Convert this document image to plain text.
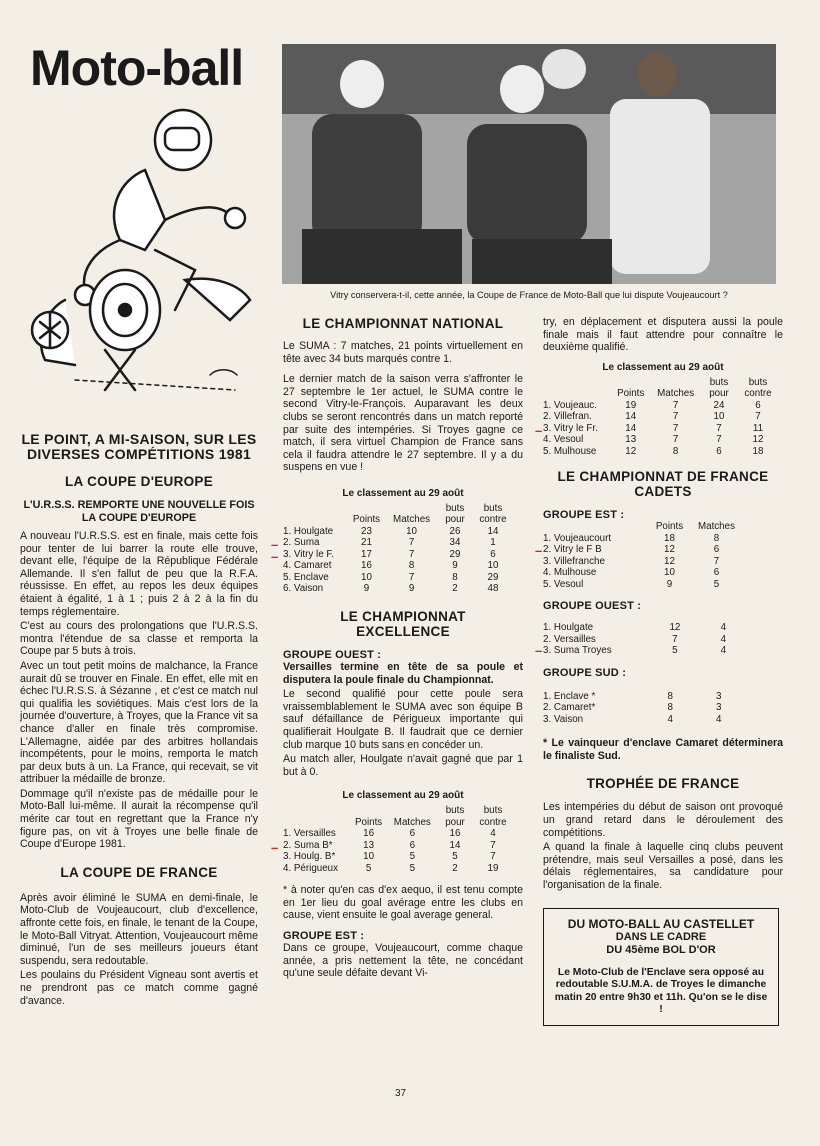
Moto-ball
Vitry conservera-t-il, cette année, la Coupe de France de Moto-Ball que lui dispute Voujeaucourt ?
LE POINT, A MI-SAISON, SUR LES DIVERSES COMPÉTITIONS 1981
LA COUPE D'EUROPE
L'U.R.S.S. REMPORTE UNE NOUVELLE FOIS LA COUPE D'EUROPE

A nouveau l'U.R.S.S. est en finale, mais cette fois pour tenter de lui barrer la route elle trouve, devant elle, l'équipe de la République Fédérale Allemande. Il s'en fallut de peu que la R.F.A. réussisse. En effet, au repos les deux équipes étaient à égalité, 1 à 1 ; puis 2 à 2 à la fin du temps réglementaire.

C'est au cours des prolongations que l'U.R.S.S. montra l'étendue de sa classe et remporta la Coupe par 5 buts à trois.

Avec un tout petit moins de malchance, la France aurait dû se trouver en Finale. En effet, elle mit en échec l'U.R.S.S. à Sézanne , et c'est ce match nul qui qualifia les soviétiques. Mais c'est lors de la journée d'ouverture, à Troyes, que la France vit sa chance d'aller en finale très compromise. L'Allemagne, aidée par des arbitres hollandais incompétents, pour le moins, remporta le match par deux buts à un. La France, qui recevait, se vit attribuer la médaille de bronze.

Dommage qu'il n'existe pas de médaille pour le Moto-Ball lui-même. Il aurait la récompense qu'il mérite car tout en regrettant que la France n'y figure pas, on vit à Troyes une belle finale de Coupe d'Europe 1981.

LA COUPE DE FRANCE

Après avoir éliminé le SUMA en demi-finale, le Moto-Club de Voujeaucourt, club d'excellence, affronte cette fois, en finale, le tenant de la Coupe, le Moto-Ball Vitryat. Attention, Voujeaucourt même diminué, l'un de ses meilleurs joueurs étant suspendu, sera redoutable.

Les poulains du Président Vigneau sont avertis et ne prendront pas ce match comme gagné d'avance.

LE CHAMPIONNAT NATIONAL

Le SUMA : 7 matches, 21 points virtuellement en tête avec 34 buts marqués contre 1.

Le dernier match de la saison verra s'affronter le 27 septembre le 1er actuel, le SUMA contre le second Vitry-le-François. Auparavant les deux clubs se seront rencontrés dans un match reporté par suite des intempéries. Si Troyes gagne ce match, il sera virtuel Champion de France sans cela il faudra attendre le 27 septembre. Il y a du suspens en vue !

Le classement au 29 août
	Points	Matches	buts pour	buts contre
1. Houlgate	23	10	26	14
2. Suma	21	7	34	1
3. Vitry le F.	17	7	29	6
4. Camaret	16	8	9	10
5. Enclave	10	7	8	29
6. Vaison	9	9	2	48
–
–
LE CHAMPIONNAT EXCELLENCE
GROUPE OUEST :

Versailles termine en tête de sa poule et disputera la poule finale du Championnat.

Le second qualifié pour cette poule sera vraissemblablement le SUMA avec son équipe B sauf défaillance de Périgueux importante qui qualifierait Houlgate B. Il faudrait que ce dernier club marque 10 buts sans en concéder un.

Au match aller, Houlgate n'avait gagné que par 1 but à 0.

Le classement au 29 août
	Points	Matches	buts pour	buts contre
1. Versailles	16	6	16	4
2. Suma B*	13	6	14	7
3. Houlg. B*	10	5	5	7
4. Périgueux	5	5	2	19
–

* à noter qu'en cas d'ex aequo, il est tenu compte en 1er lieu du goal avérage entre les clubs en cause, vient ensuite le goal average general.

GROUPE EST :

Dans ce groupe, Voujeaucourt, comme chaque année, a pris nettement la tête, ne concédant qu'une seule défaite devant Vi-

try, en déplacement et disputera aussi la poule finale mais il faut attendre pour connaître le deuxième qualifié.

Le classement au 29 août
	Points	Matches	buts pour	buts contre
1. Voujeauc.	19	7	24	6
2. Villefran.	14	7	10	7
3. Vitry le Fr.	14	7	7	11
4. Vesoul	13	7	7	12
5. Mulhouse	12	8	6	18
–
LE CHAMPIONNAT DE FRANCE CADETS
GROUPE EST :
	Points	Matches
1. Voujeaucourt	18	8
2. Vitry le F B	12	6
3. Villefranche	12	7
4. Mulhouse	10	6
5. Vesoul	9	5
–
GROUPE OUEST :
1. Houlgate	12	4
2. Versailles	7	4
3. Suma Troyes	5	4
–
GROUPE SUD :
1. Enclave *	8	3
2. Camaret*	8	3
3. Vaison	4	4

* Le vainqueur d'enclave Camaret déterminera le finaliste Sud.

TROPHÉE DE FRANCE

Les intempéries du début de saison ont provoqué un grand retard dans le déroulement des compétitions.

A quand la finale à laquelle cinq clubs peuvent prétendre, mais seul Versailles a posé, dans les délais réglementaires, sa candidature pour l'organisation de la finale.

DU MOTO-BALL AU CASTELLET
DANS LE CADRE
DU 45ème BOL D'OR
Le Moto-Club de l'Enclave sera opposé au redoutable S.U.M.A. de Troyes le dimanche matin 20 entre 9h30 et 11h. Qu'on se le dise !
37
